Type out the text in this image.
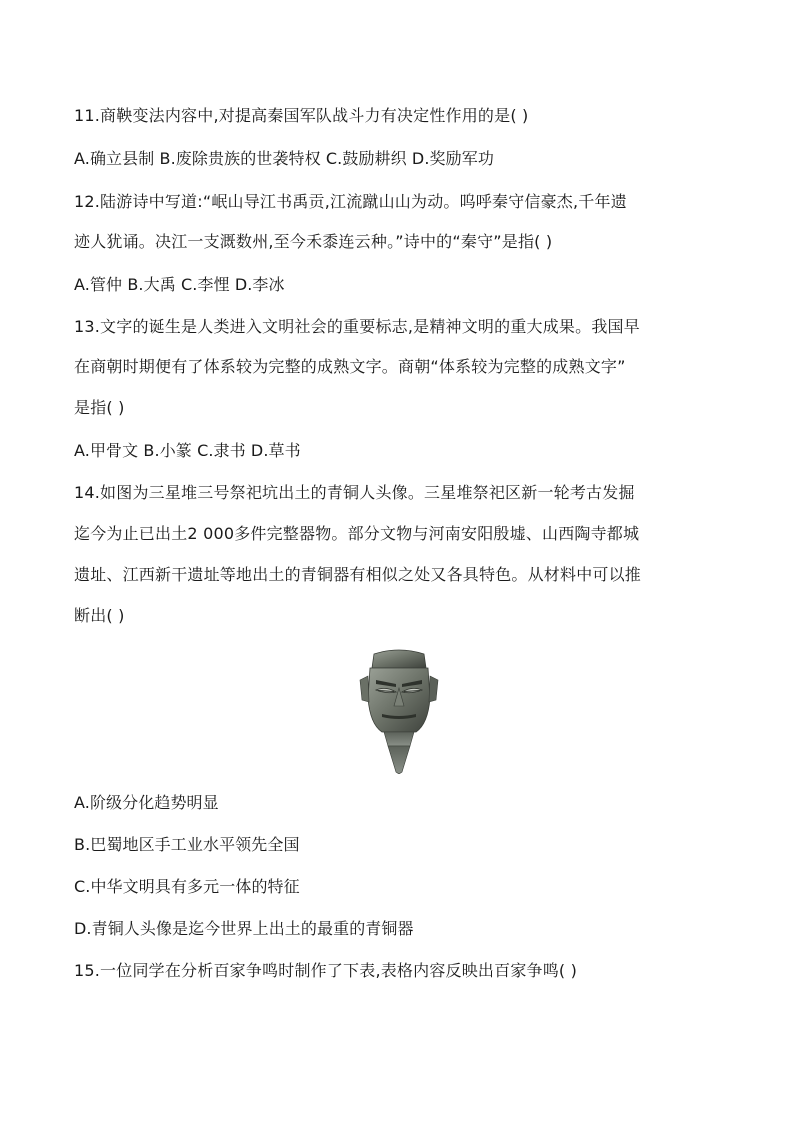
11.商鞅变法内容中,对提高秦国军队战斗力有决定性作用的是( )
A.确立县制 B.废除贵族的世袭特权 C.鼓励耕织 D.奖励军功
12.陆游诗中写道:“岷山导江书禹贡,江流蹴山山为动。呜呼秦守信豪杰,千年遗
迹人犹诵。决江一支溉数州,至今禾黍连云种。”诗中的“秦守”是指( )
A.管仲 B.大禹 C.李悝 D.李冰
13.文字的诞生是人类进入文明社会的重要标志,是精神文明的重大成果。我国早
在商朝时期便有了体系较为完整的成熟文字。商朝“体系较为完整的成熟文字”
是指( )
A.甲骨文 B.小篆 C.隶书 D.草书
14.如图为三星堆三号祭祀坑出土的青铜人头像。三星堆祭祀区新一轮考古发掘
迄今为止已出土2 000多件完整器物。部分文物与河南安阳殷墟、山西陶寺都城
遗址、江西新干遗址等地出土的青铜器有相似之处又各具特色。从材料中可以推
断出( )
A.阶级分化趋势明显
B.巴蜀地区手工业水平领先全国
C.中华文明具有多元一体的特征
D.青铜人头像是迄今世界上出土的最重的青铜器
15.一位同学在分析百家争鸣时制作了下表,表格内容反映出百家争鸣( )
